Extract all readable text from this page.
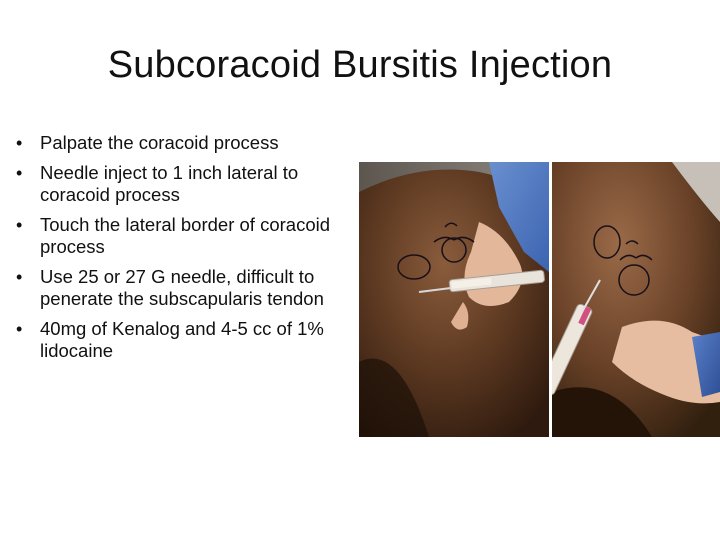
Subcoracoid Bursitis Injection
• Palpate the coracoid process
• Needle inject to 1 inch lateral to coracoid process
• Touch the lateral border of coracoid process
• Use 25 or 27 G needle, difficult to penerate the subscapularis tendon
• 40mg of Kenalog and 4-5 cc of 1% lidocaine
